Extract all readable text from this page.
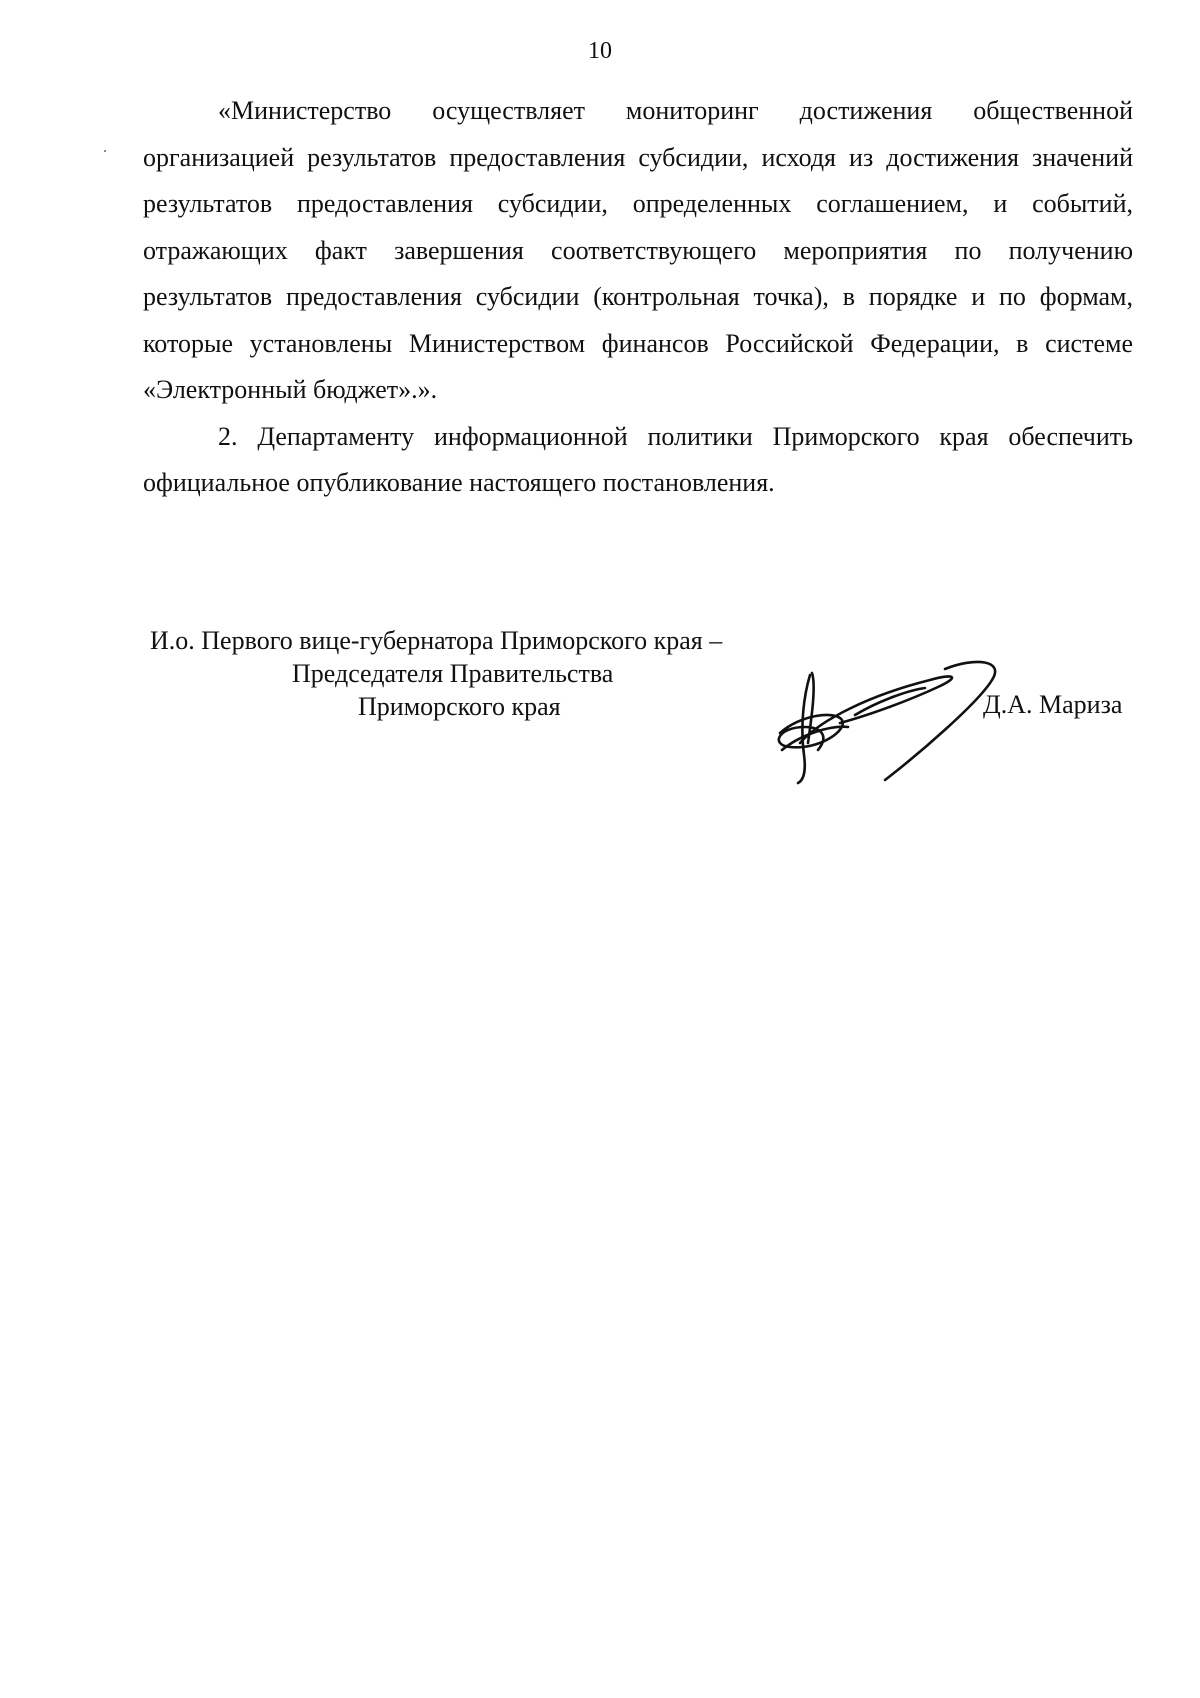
10

«Министерство осуществляет мониторинг достижения общественной организацией результатов предоставления субсидии, исходя из достижения значений результатов предоставления субсидии, определенных соглашением, и событий, отражающих факт завершения соответствующего мероприятия по получению результатов предоставления субсидии (контрольная точка), в порядке и по формам, которые установлены Министерством финансов Российской Федерации, в системе «Электронный бюджет».».

2. Департаменту информационной политики Приморского края обеспечить официальное опубликование настоящего постановления.

И.о. Первого вице-губернатора Приморского края –
Председателя Правительства
Приморского края	Д.А. Мариза
